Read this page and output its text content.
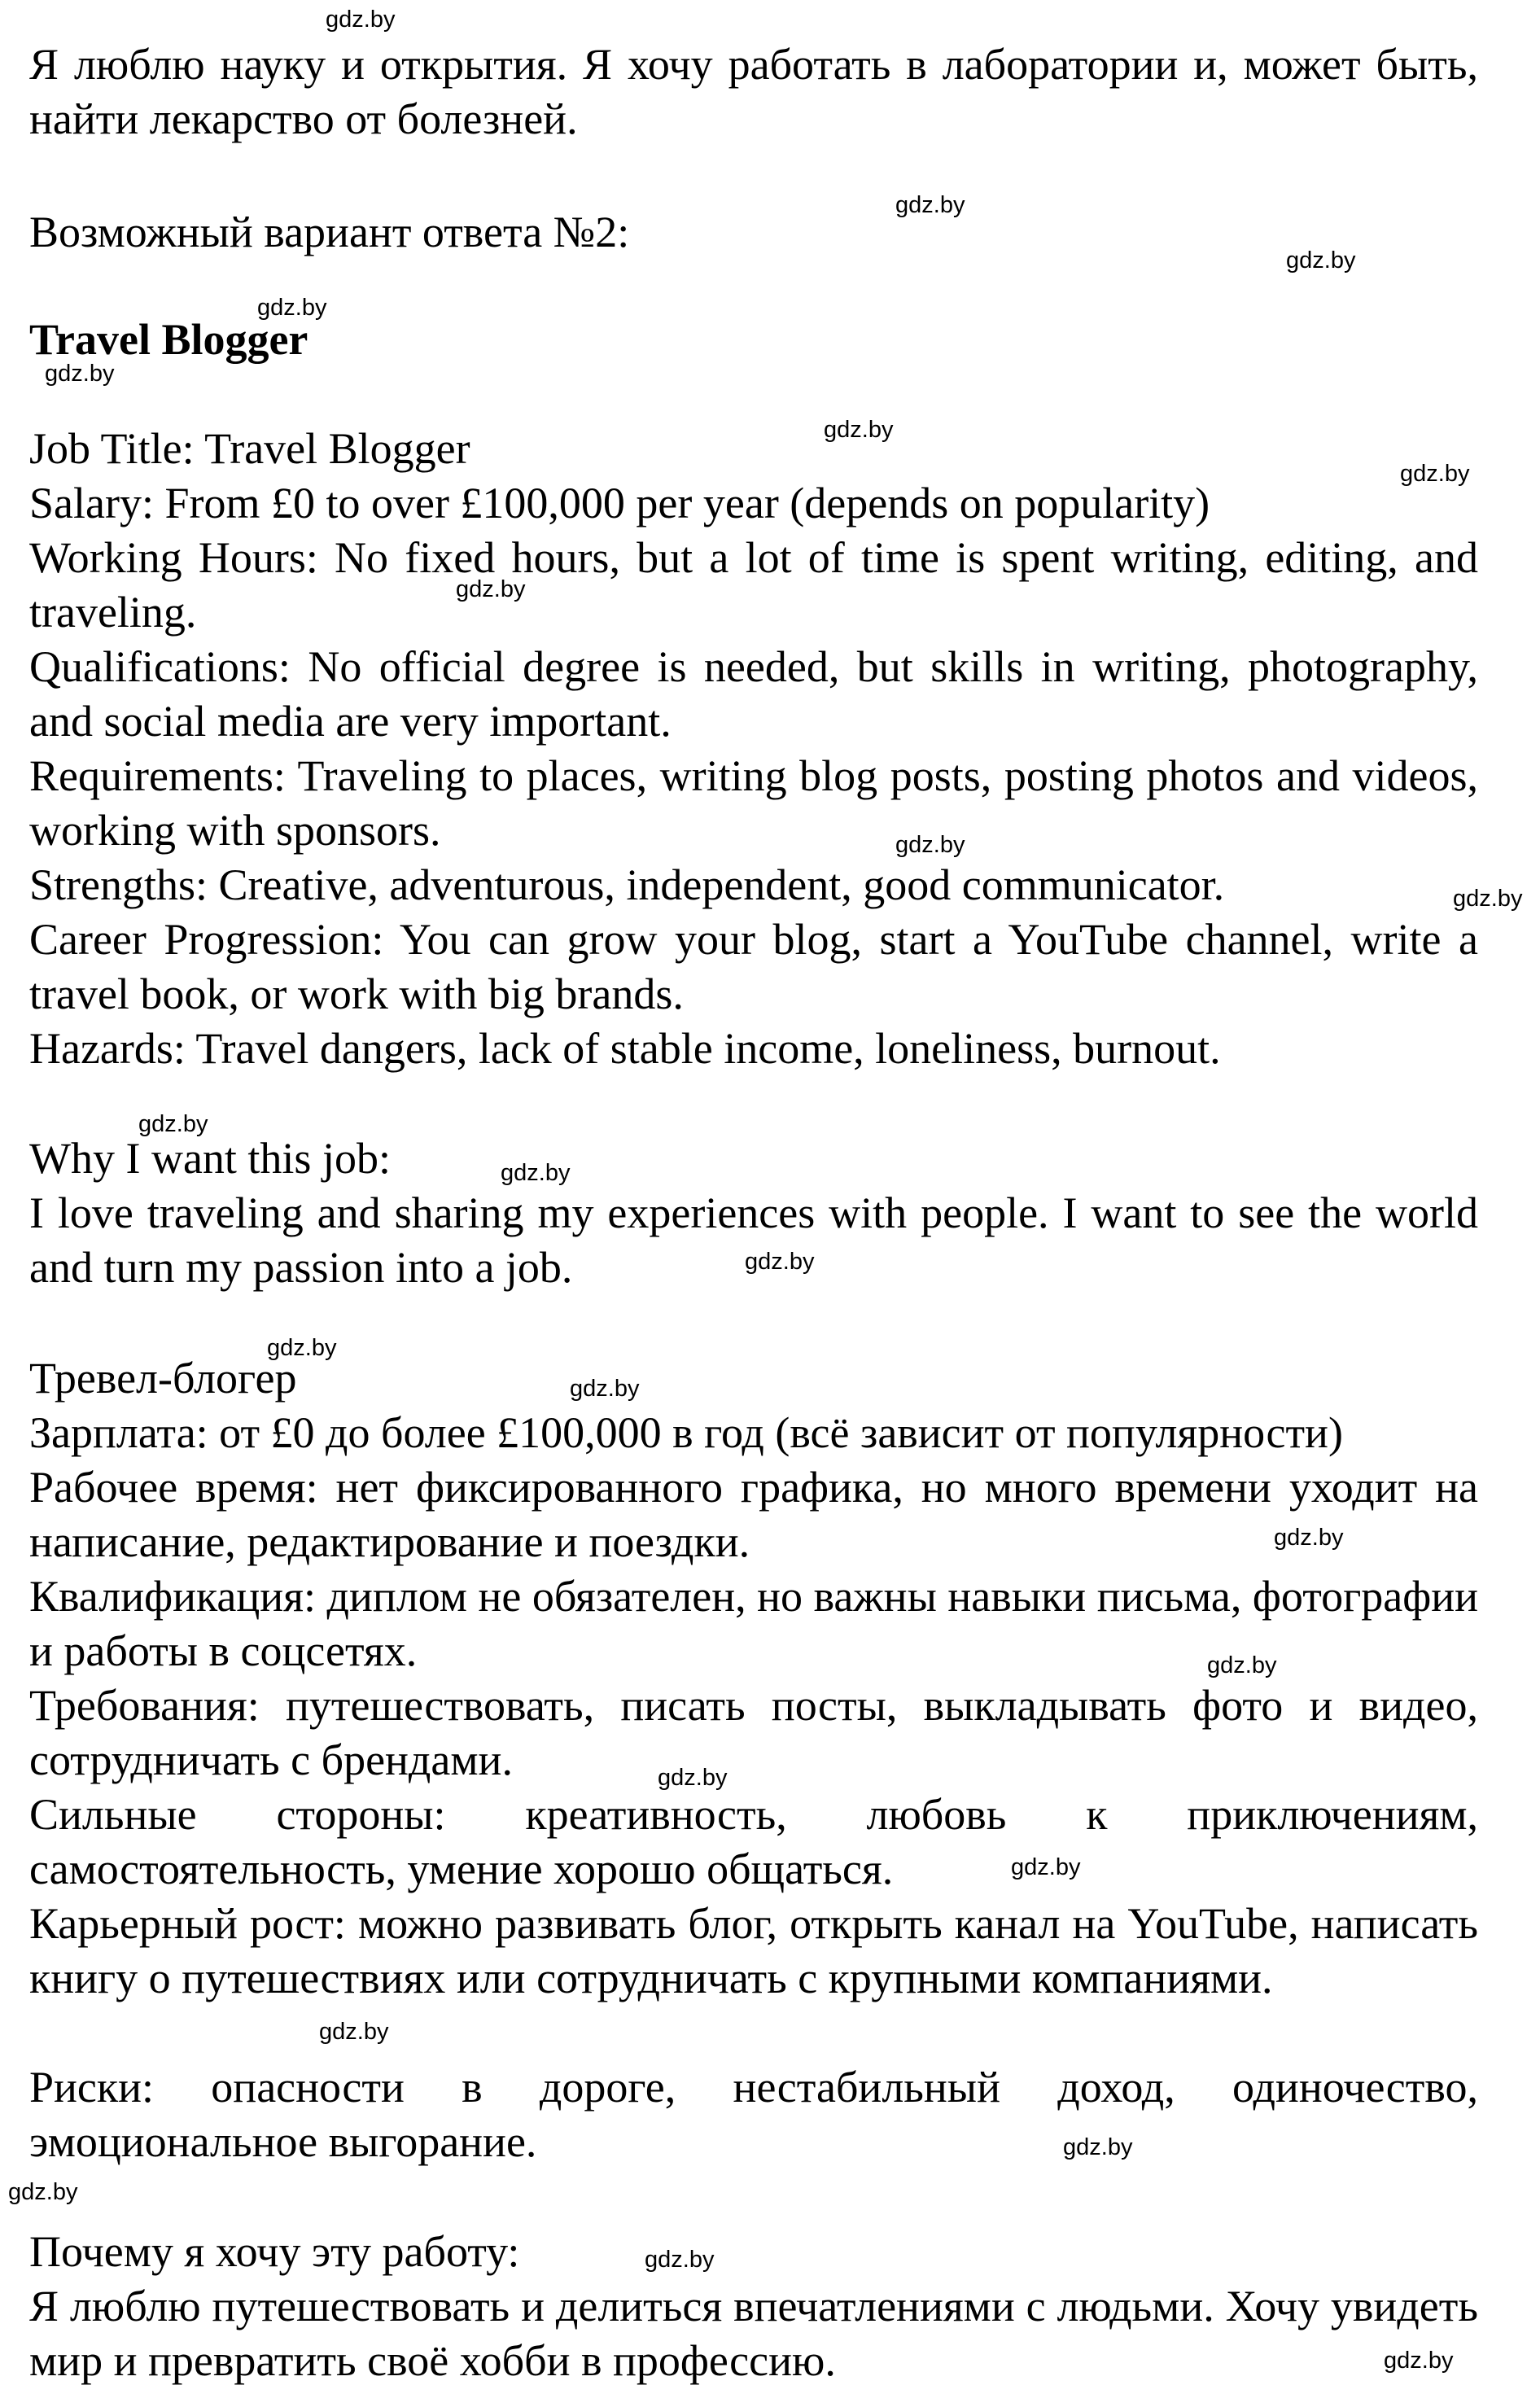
Я люблю науку и открытия. Я хочу работать в лаборатории и, может быть, найти лекарство от болезней.

Возможный вариант ответа №2:

Travel Blogger

Job Title: Travel Blogger

Salary: From £0 to over £100,000 per year (depends on popularity)

Working Hours: No fixed hours, but a lot of time is spent writing, editing, and traveling.

Qualifications: No official degree is needed, but skills in writing, photography, and social media are very important.

Requirements: Traveling to places, writing blog posts, posting photos and videos, working with sponsors.

Strengths: Creative, adventurous, independent, good communicator.

Career Progression: You can grow your blog, start a YouTube channel, write a travel book, or work with big brands.

Hazards: Travel dangers, lack of stable income, loneliness, burnout.

Why I want this job:

I love traveling and sharing my experiences with people. I want to see the world and turn my passion into a job.

Тревел-блогер

Зарплата: от £0 до более £100,000 в год (всё зависит от популярности)

Рабочее время: нет фиксированного графика, но много времени уходит на написание, редактирование и поездки.

Квалификация: диплом не обязателен, но важны навыки письма, фотографии и работы в соцсетях.

Требования: путешествовать, писать посты, выкладывать фото и видео, сотрудничать с брендами.

Сильные стороны: креативность, любовь к приключениям, самостоятельность, умение хорошо общаться.

Карьерный рост: можно развивать блог, открыть канал на YouTube, написать книгу о путешествиях или сотрудничать с крупными компаниями.

Риски: опасности в дороге, нестабильный доход, одиночество, эмоциональное выгорание.

Почему я хочу эту работу:

Я люблю путешествовать и делиться впечатлениями с людьми. Хочу увидеть мир и превратить своё хобби в профессию.

gdz.by
gdz.by
gdz.by
gdz.by
gdz.by
gdz.by
gdz.by
gdz.by
gdz.by
gdz.by
gdz.by
gdz.by
gdz.by
gdz.by
gdz.by
gdz.by
gdz.by
gdz.by
gdz.by
gdz.by
gdz.by
gdz.by
gdz.by
gdz.by
